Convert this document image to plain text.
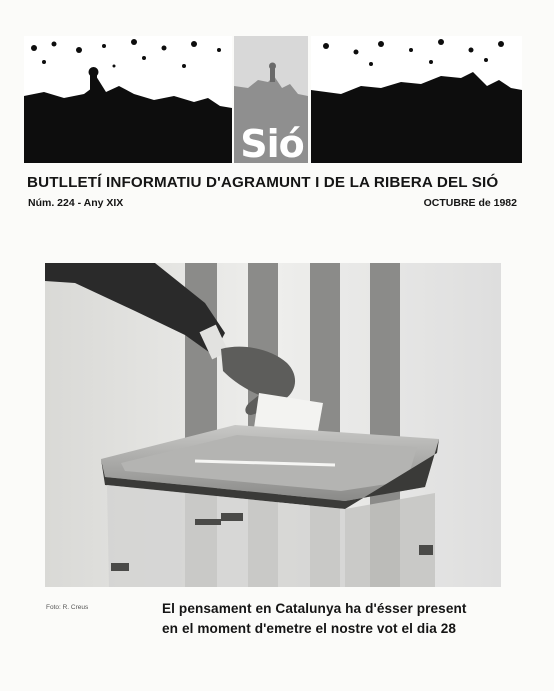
Sió
BUTLLETÍ INFORMATIU D'AGRAMUNT I DE LA RIBERA DEL SIÓ
Núm. 224 - Any XIX	OCTUBRE de 1982
Foto: R. Creus	El pensament en Catalunya ha d'ésser present
en el moment d'emetre el nostre vot el dia 28
